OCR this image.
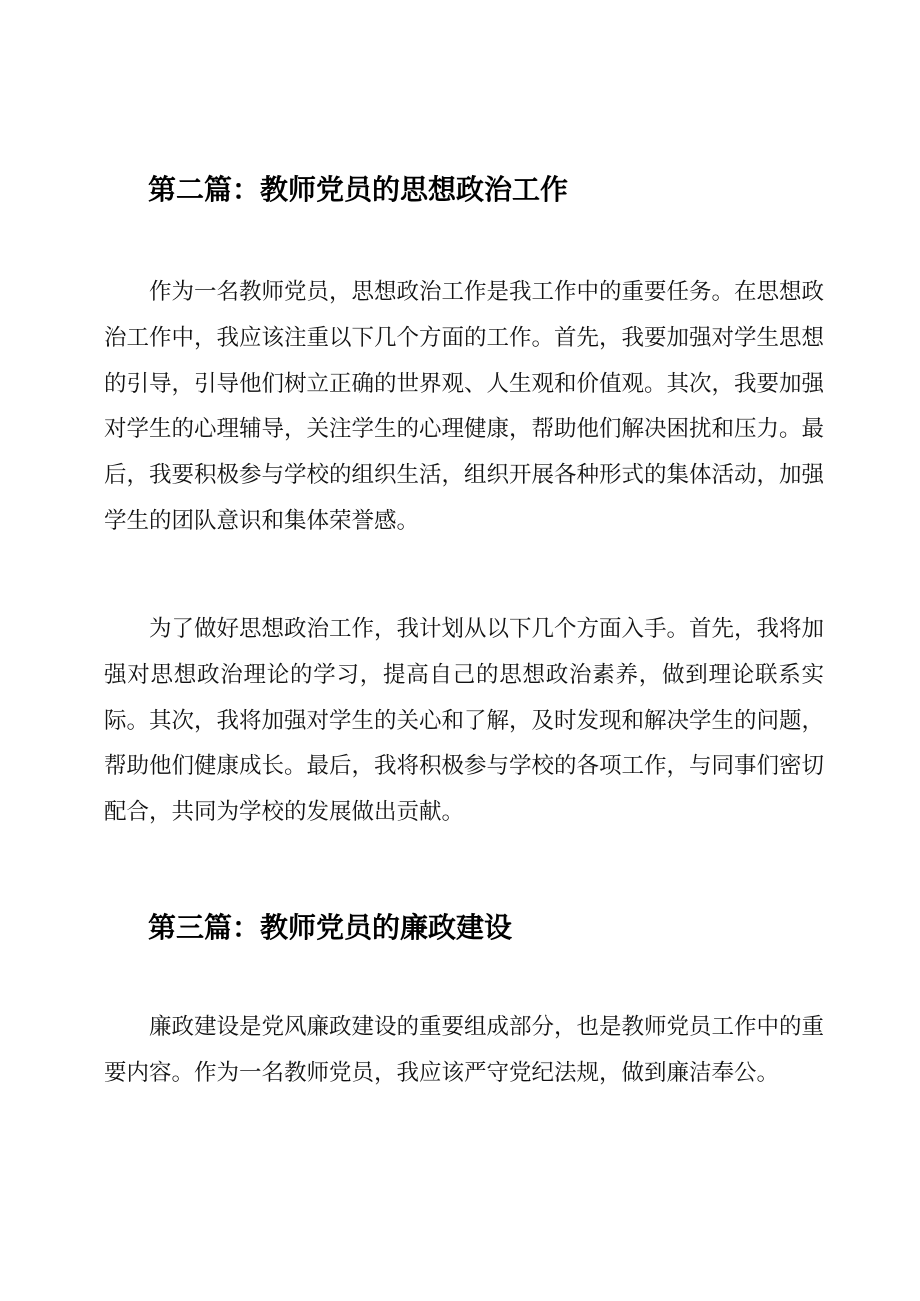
第二篇：教师党员的思想政治工作

作为一名教师党员，思想政治工作是我工作中的重要任务。在思想政治工作中，我应该注重以下几个方面的工作。首先，我要加强对学生思想的引导，引导他们树立正确的世界观、人生观和价值观。其次，我要加强对学生的心理辅导，关注学生的心理健康，帮助他们解决困扰和压力。最后，我要积极参与学校的组织生活，组织开展各种形式的集体活动，加强学生的团队意识和集体荣誉感。

为了做好思想政治工作，我计划从以下几个方面入手。首先，我将加强对思想政治理论的学习，提高自己的思想政治素养，做到理论联系实际。其次，我将加强对学生的关心和了解，及时发现和解决学生的问题，帮助他们健康成长。最后，我将积极参与学校的各项工作，与同事们密切配合，共同为学校的发展做出贡献。

第三篇：教师党员的廉政建设

廉政建设是党风廉政建设的重要组成部分，也是教师党员工作中的重要内容。作为一名教师党员，我应该严守党纪法规，做到廉洁奉公。
